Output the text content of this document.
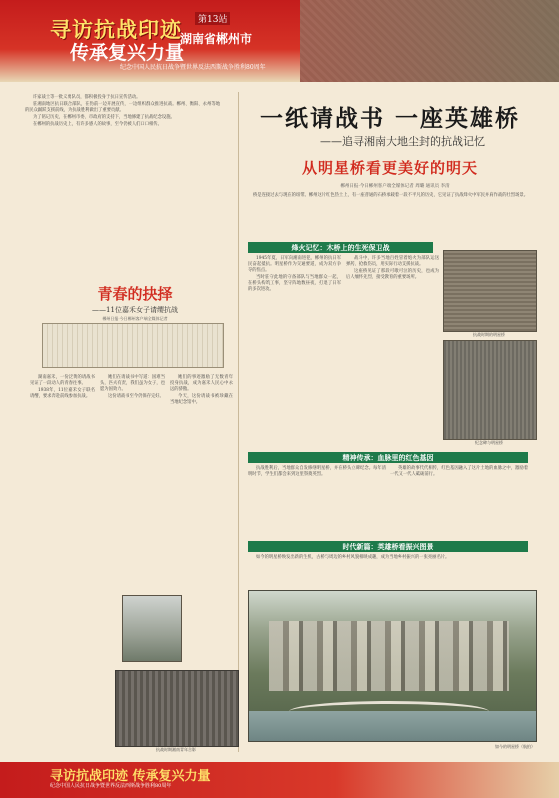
寻访抗战印迹
传承复兴力量
纪念中国人民抗日战争暨世界反法西斯战争胜利80周年
第13站
湖南省郴州市

许家战士等一批义勇队员，都积极投身于抗日宣传活动。

驻湘南地区抗日联合部队，在伪前一边开展宣传，一边组织群众推进抗战。郴州、衡阳、永州等地的民众踊跃支援前线，为抗战胜利做出了重要贡献。

为了铭记历史，在郴州市委、市政府的支持下，当地修建了抗战纪念设施。

在郴州的抗战历史上，有许多感人的故事，至今仍被人们口口相传。	一纸请战书 一座英雄桥
——追寻湘南大地尘封的抗战记忆
从明星桥看更美好的明天
郴州日报·今日郴州客户端全媒体记者 周璐 通讯员 李清

桥是连接过去与现在的纽带。郴州这片红色热土上，有一座普通的石桥承载着一段不平凡的历史，它见证了抗战烽火中军民并肩作战的壮烈场景。

烽火记忆：木桥上的生死保卫战

1945年夏，日军向湘南进犯，郴州的抗日军民奋起抵抗。明星桥作为交通要道，成为双方争夺的焦点。

当时驻守此地的守备部队与当地群众一起，在桥头构筑工事，坚守阵地数昼夜，打退了日军的多次进攻。

战斗中，许多当地百姓冒着炮火为部队运送弹药、抢救伤员，用实际行动支援抗战。

这座桥见证了那段可歌可泣的历史，也成为后人缅怀先烈、接受教育的重要场所。

抗战时期的明星桥
纪念碑与明星桥
精神传承：血脉里的红色基因

抗战胜利后，当地群众自发修缮明星桥，并在桥头立碑纪念。每年清明时节，学生们都会来到这里祭奠英烈。

英雄的故事代代相传，红色基因融入了这片土地的血脉之中，激励着一代又一代人砥砺前行。

时代新篇：英雄桥看振兴图景

如今的明星桥焕发出新的生机，古桥与周边的乡村风貌相映成趣，成为当地乡村振兴的一张亮丽名片。

如今的明星桥（航拍）
青春的抉择
——11位嘉禾女子请缨抗战
郴州日报·今日郴州客户端全媒体记者

湖南嘉禾，一份泛黄的请战书见证了一段动人的青春往事。

1938年，11位嘉禾女子联名请缨，要求奔赴前线参加抗战。

她们在请战书中写道：国难当头，匹夫有责，我们虽为女子，也愿为国效力。

这份请战书至今仍保存完好。

她们的事迹激励了无数青年投身抗战，成为嘉禾人民心中永远的骄傲。

今天，这份请战书被珍藏在当地纪念馆中。

抗战时期湘南青年合影
寻访抗战印迹 传承复兴力量
纪念中国人民抗日战争暨世界反法西斯战争胜利80周年
